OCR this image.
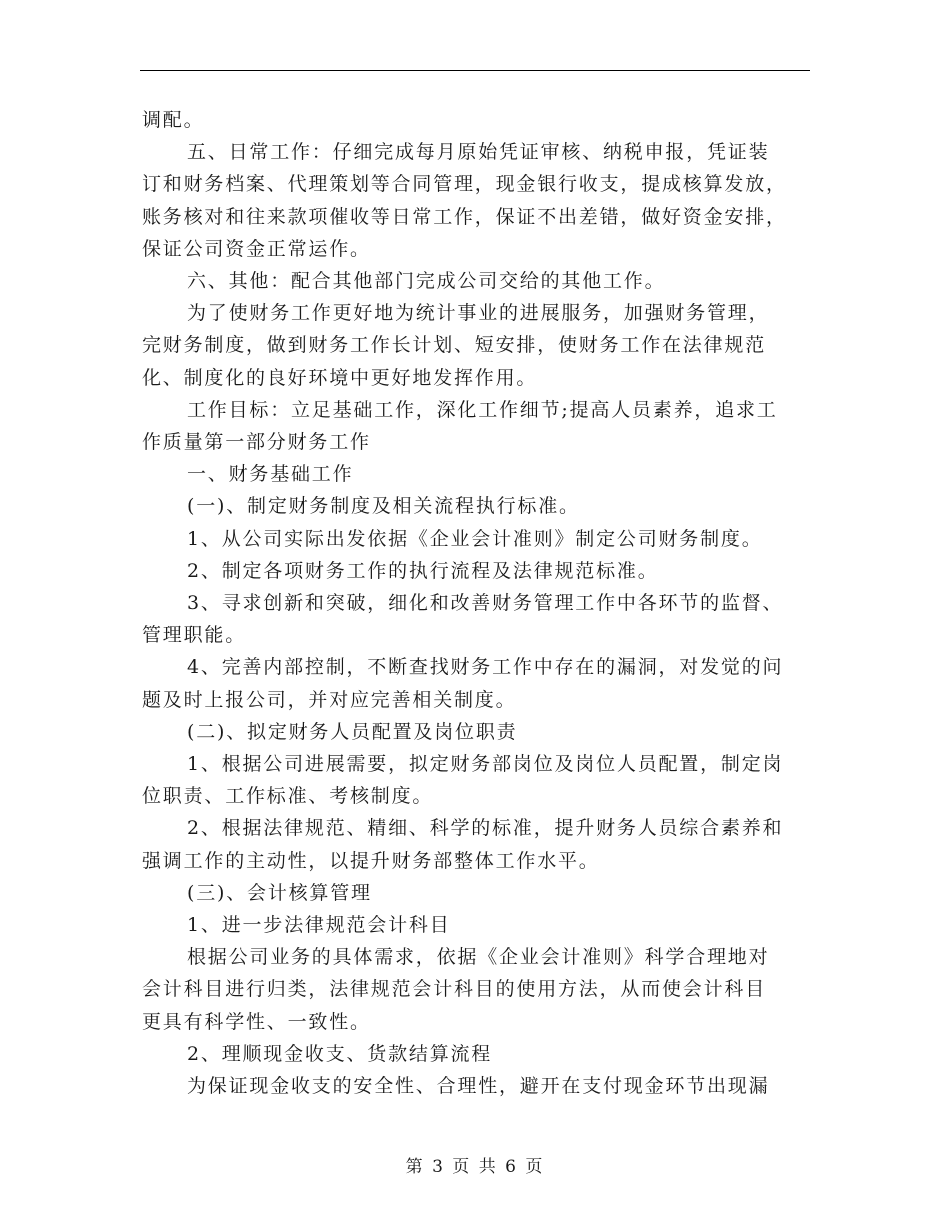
调配。

五、日常工作：仔细完成每月原始凭证审核、纳税申报，凭证装

订和财务档案、代理策划等合同管理，现金银行收支，提成核算发放，

账务核对和往来款项催收等日常工作，保证不出差错，做好资金安排，

保证公司资金正常运作。

六、其他：配合其他部门完成公司交给的其他工作。

为了使财务工作更好地为统计事业的进展服务，加强财务管理，

完财务制度，做到财务工作长计划、短安排，使财务工作在法律规范

化、制度化的良好环境中更好地发挥作用。

工作目标：立足基础工作，深化工作细节;提高人员素养，追求工

作质量第一部分财务工作

一、财务基础工作

(一)、制定财务制度及相关流程执行标准。

1、从公司实际出发依据《企业会计准则》制定公司财务制度。

2、制定各项财务工作的执行流程及法律规范标准。

3、寻求创新和突破，细化和改善财务管理工作中各环节的监督、

管理职能。

4、完善内部控制，不断查找财务工作中存在的漏洞，对发觉的问

题及时上报公司，并对应完善相关制度。

(二)、拟定财务人员配置及岗位职责

1、根据公司进展需要，拟定财务部岗位及岗位人员配置，制定岗

位职责、工作标准、考核制度。

2、根据法律规范、精细、科学的标准，提升财务人员综合素养和

强调工作的主动性，以提升财务部整体工作水平。

(三)、会计核算管理

1、进一步法律规范会计科目

根据公司业务的具体需求，依据《企业会计准则》科学合理地对

会计科目进行归类，法律规范会计科目的使用方法，从而使会计科目

更具有科学性、一致性。

2、理顺现金收支、货款结算流程

为保证现金收支的安全性、合理性，避开在支付现金环节出现漏

第 3 页 共 6 页
